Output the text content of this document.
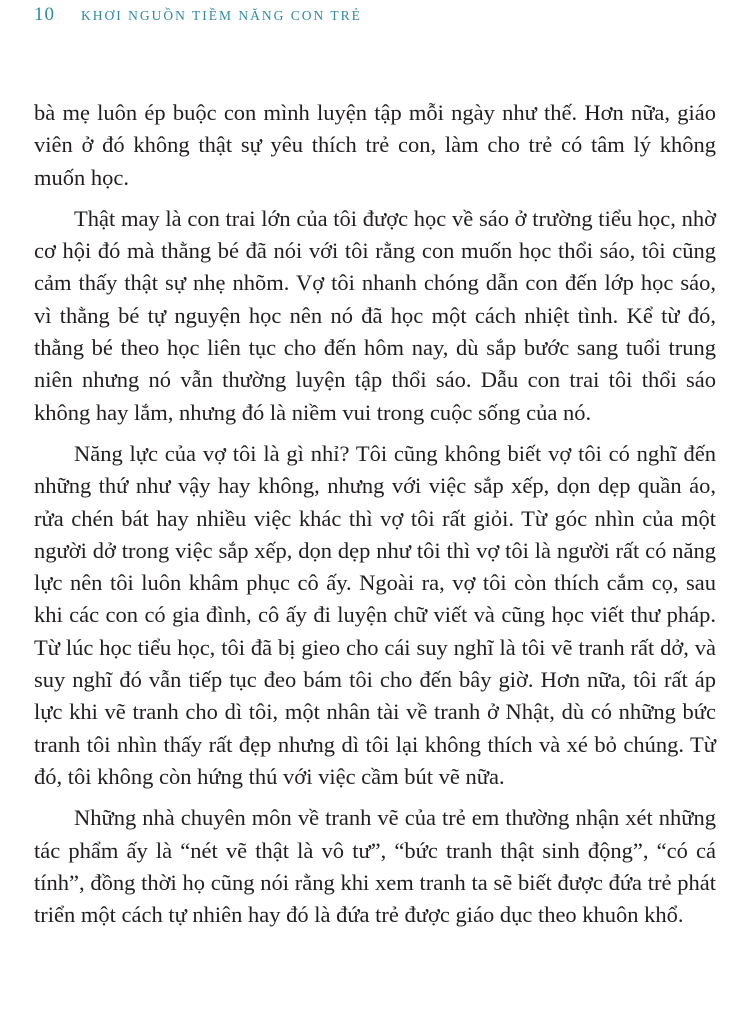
10 KHƠI NGUỒN TIỀM NĂNG CON TRẺ

bà mẹ luôn ép buộc con mình luyện tập mỗi ngày như thế. Hơn nữa, giáo viên ở đó không thật sự yêu thích trẻ con, làm cho trẻ có tâm lý không muốn học.

Thật may là con trai lớn của tôi được học về sáo ở trường tiểu học, nhờ cơ hội đó mà thằng bé đã nói với tôi rằng con muốn học thổi sáo, tôi cũng cảm thấy thật sự nhẹ nhõm. Vợ tôi nhanh chóng dẫn con đến lớp học sáo, vì thằng bé tự nguyện học nên nó đã học một cách nhiệt tình. Kể từ đó, thằng bé theo học liên tục cho đến hôm nay, dù sắp bước sang tuổi trung niên nhưng nó vẫn thường luyện tập thổi sáo. Dẫu con trai tôi thổi sáo không hay lắm, nhưng đó là niềm vui trong cuộc sống của nó.

Năng lực của vợ tôi là gì nhỉ? Tôi cũng không biết vợ tôi có nghĩ đến những thứ như vậy hay không, nhưng với việc sắp xếp, dọn dẹp quần áo, rửa chén bát hay nhiều việc khác thì vợ tôi rất giỏi. Từ góc nhìn của một người dở trong việc sắp xếp, dọn dẹp như tôi thì vợ tôi là người rất có năng lực nên tôi luôn khâm phục cô ấy. Ngoài ra, vợ tôi còn thích cắm cọ, sau khi các con có gia đình, cô ấy đi luyện chữ viết và cũng học viết thư pháp. Từ lúc học tiểu học, tôi đã bị gieo cho cái suy nghĩ là tôi vẽ tranh rất dở, và suy nghĩ đó vẫn tiếp tục đeo bám tôi cho đến bây giờ. Hơn nữa, tôi rất áp lực khi vẽ tranh cho dì tôi, một nhân tài về tranh ở Nhật, dù có những bức tranh tôi nhìn thấy rất đẹp nhưng dì tôi lại không thích và xé bỏ chúng. Từ đó, tôi không còn hứng thú với việc cầm bút vẽ nữa.

Những nhà chuyên môn về tranh vẽ của trẻ em thường nhận xét những tác phẩm ấy là “nét vẽ thật là vô tư”, “bức tranh thật sinh động”, “có cá tính”, đồng thời họ cũng nói rằng khi xem tranh ta sẽ biết được đứa trẻ phát triển một cách tự nhiên hay đó là đứa trẻ được giáo dục theo khuôn khổ.
